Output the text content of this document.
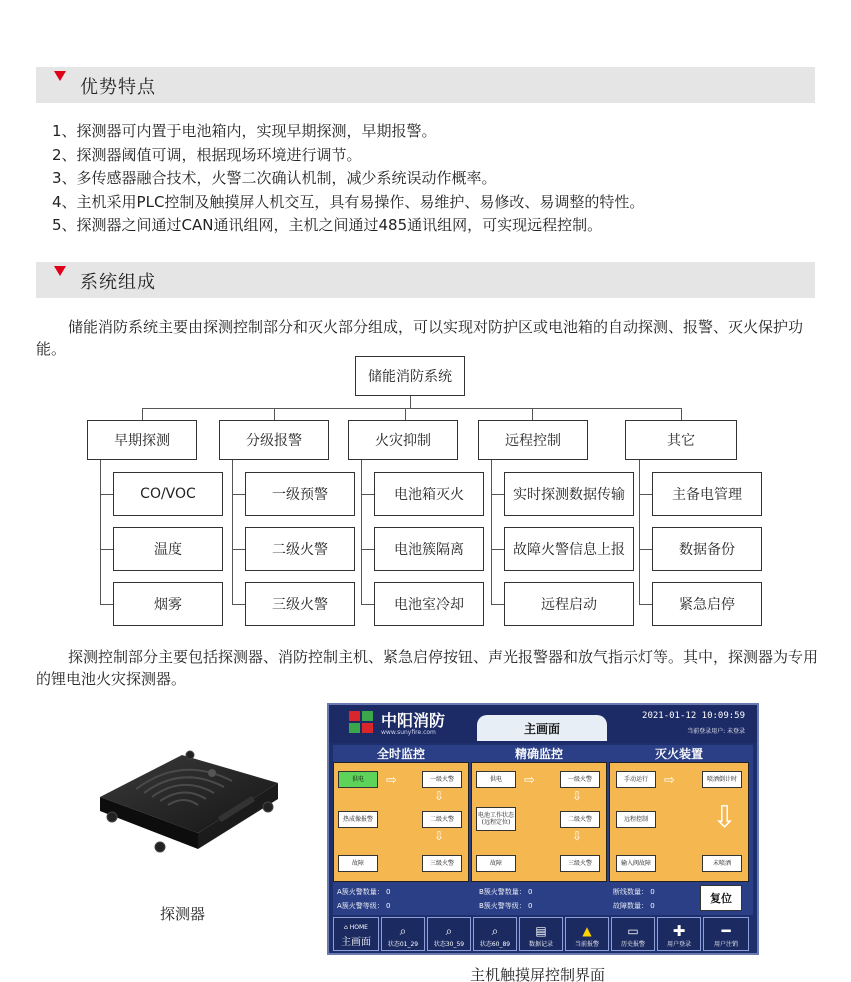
优势特点
1、探测器可内置于电池箱内，实现早期探测，早期报警。
2、探测器阈值可调，根据现场环境进行调节。
3、多传感器融合技术，火警二次确认机制，减少系统误动作概率。
4、主机采用PLC控制及触摸屏人机交互，具有易操作、易维护、易修改、易调整的特性。
5、探测器之间通过CAN通讯组网，主机之间通过485通讯组网，可实现远程控制。
系统组成
储能消防系统主要由探测控制部分和灭火部分组成，可以实现对防护区或电池箱的自动探测、报警、灭火保护功能。
储能消防系统
早期探测	分级报警	火灾抑制	远程控制	其它
CO/VOC
温度
烟雾
一级预警
二级火警
三级火警
电池箱灭火
电池簇隔离
电池室冷却
实时探测数据传输
故障火警信息上报
远程启动
主备电管理
数据备份
紧急启停
探测控制部分主要包括探测器、消防控制主机、紧急启停按钮、声光报警器和放气指示灯等。其中，探测器为专用的锂电池火灾探测器。
探测器
中阳消防
www.sunyfire.com	主画面
2021-01-12 10:09:59
当前登录用户: 未登录
全时监控	精确监控	灭火装置
供电	⇨	一级火警
⇩
热成像报警	二级火警
⇩
故障	三级火警
供电	⇨	一级火警
⇩
电池工作状态(远程定位)	二级火警
⇩
故障	三级火警
手动运行	⇨	喷洒倒计时
远程控制 ⇩
输入阀故障	未喷洒
A簇火警数量： 0
A簇火警等级： 0
B簇火警数量： 0
B簇火警等级： 0
断线数量： 0
故障数量： 0
复位
⌂ HOME
主画面
⌕
状态01_29
⌕
状态30_59
⌕
状态60_89
▤
数据记录
▲
当前报警
▭
历史报警
✚
用户登录
━
用户注销
主机触摸屏控制界面
